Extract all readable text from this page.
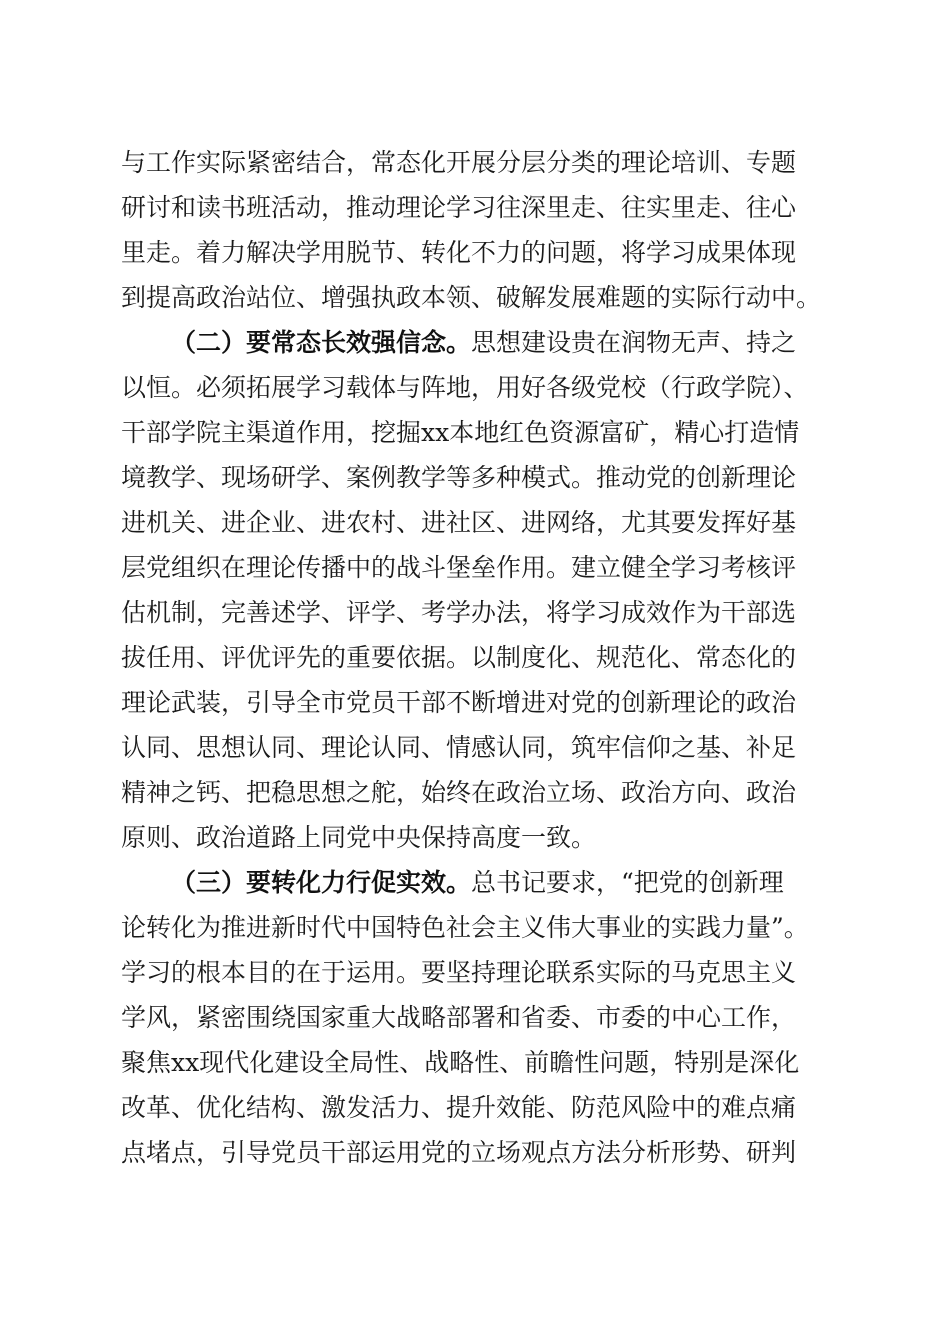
与工作实际紧密结合，常态化开展分层分类的理论培训、专题
研讨和读书班活动，推动理论学习往深里走、往实里走、往心
里走。着力解决学用脱节、转化不力的问题，将学习成果体现
到提高政治站位、增强执政本领、破解发展难题的实际行动中。
（二）要常态长效强信念。思想建设贵在润物无声、持之
以恒。必须拓展学习载体与阵地，用好各级党校（行政学院）、
干部学院主渠道作用，挖掘xx本地红色资源富矿，精心打造情
境教学、现场研学、案例教学等多种模式。推动党的创新理论
进机关、进企业、进农村、进社区、进网络，尤其要发挥好基
层党组织在理论传播中的战斗堡垒作用。建立健全学习考核评
估机制，完善述学、评学、考学办法，将学习成效作为干部选
拔任用、评优评先的重要依据。以制度化、规范化、常态化的
理论武装，引导全市党员干部不断增进对党的创新理论的政治
认同、思想认同、理论认同、情感认同，筑牢信仰之基、补足
精神之钙、把稳思想之舵，始终在政治立场、政治方向、政治
原则、政治道路上同党中央保持高度一致。
（三）要转化力行促实效。总书记要求，“把党的创新理
论转化为推进新时代中国特色社会主义伟大事业的实践力量”。
学习的根本目的在于运用。要坚持理论联系实际的马克思主义
学风，紧密围绕国家重大战略部署和省委、市委的中心工作，
聚焦xx现代化建设全局性、战略性、前瞻性问题，特别是深化
改革、优化结构、激发活力、提升效能、防范风险中的难点痛
点堵点，引导党员干部运用党的立场观点方法分析形势、研判
